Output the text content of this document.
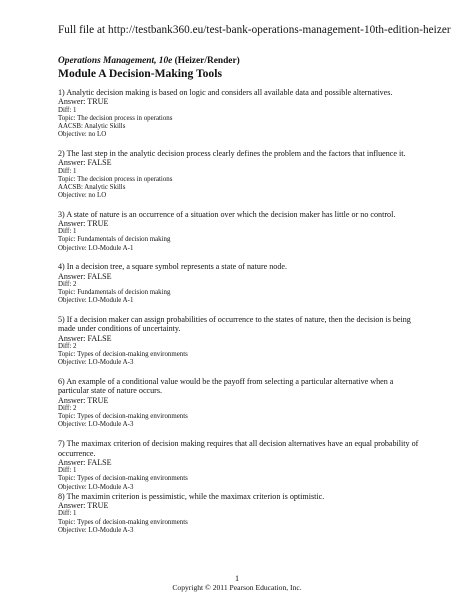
Full file at http://testbank360.eu/test-bank-operations-management-10th-edition-heizer
Operations Management, 10e (Heizer/Render)
Module A Decision-Making Tools
1) Analytic decision making is based on logic and considers all available data and possible alternatives.
Answer: TRUE
Diff: 1
Topic: The decision process in operations
AACSB: Analytic Skills
Objective: no LO
2) The last step in the analytic decision process clearly defines the problem and the factors that influence it.
Answer: FALSE
Diff: 1
Topic: The decision process in operations
AACSB: Analytic Skills
Objective: no LO
3) A state of nature is an occurrence of a situation over which the decision maker has little or no control.
Answer: TRUE
Diff: 1
Topic: Fundamentals of decision making
Objective: LO-Module A-1
4) In a decision tree, a square symbol represents a state of nature node.
Answer: FALSE
Diff: 2
Topic: Fundamentals of decision making
Objective: LO-Module A-1
5) If a decision maker can assign probabilities of occurrence to the states of nature, then the decision is being made under conditions of uncertainty.
Answer: FALSE
Diff: 2
Topic: Types of decision-making environments
Objective: LO-Module A-3
6) An example of a conditional value would be the payoff from selecting a particular alternative when a particular state of nature occurs.
Answer: TRUE
Diff: 2
Topic: Types of decision-making environments
Objective: LO-Module A-3
7) The maximax criterion of decision making requires that all decision alternatives have an equal probability of occurrence.
Answer: FALSE
Diff: 1
Topic: Types of decision-making environments
Objective: LO-Module A-3
8) The maximin criterion is pessimistic, while the maximax criterion is optimistic.
Answer: TRUE
Diff: 1
Topic: Types of decision-making environments
Objective: LO-Module A-3
1
Copyright © 2011 Pearson Education, Inc.
